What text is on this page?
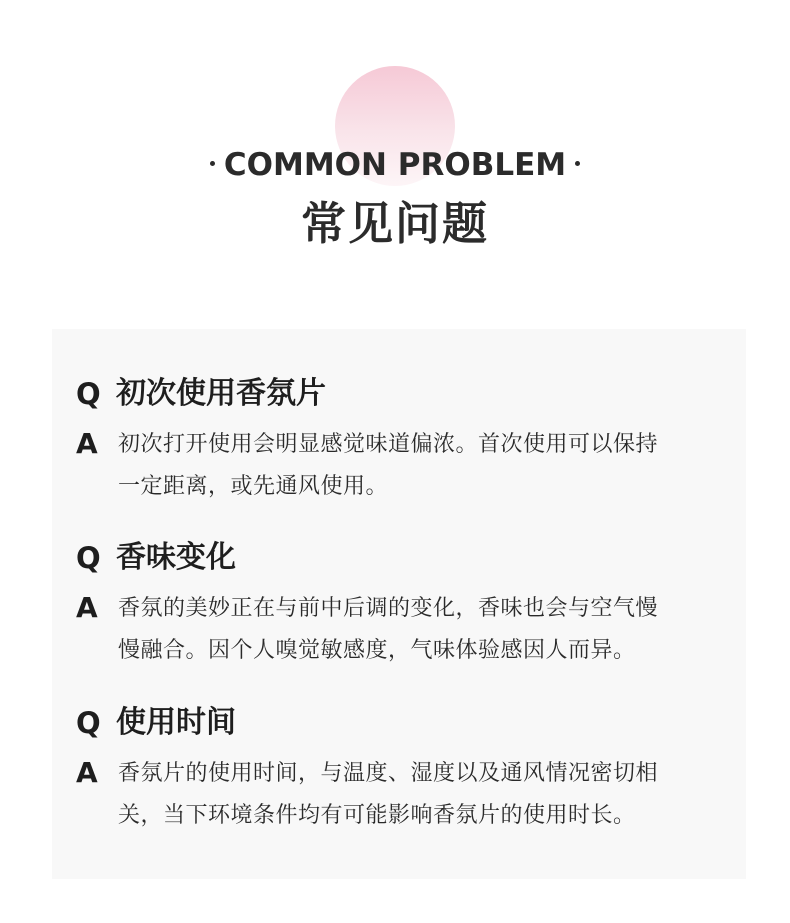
COMMON PROBLEM
常见问题
Q 初次使用香氛片
A 初次打开使用会明显感觉味道偏浓。首次使用可以保持
一定距离，或先通风使用。
Q 香味变化
A 香氛的美妙正在与前中后调的变化，香味也会与空气慢
慢融合。因个人嗅觉敏感度，气味体验感因人而异。
Q 使用时间
A 香氛片的使用时间，与温度、湿度以及通风情况密切相
关，当下环境条件均有可能影响香氛片的使用时长。
